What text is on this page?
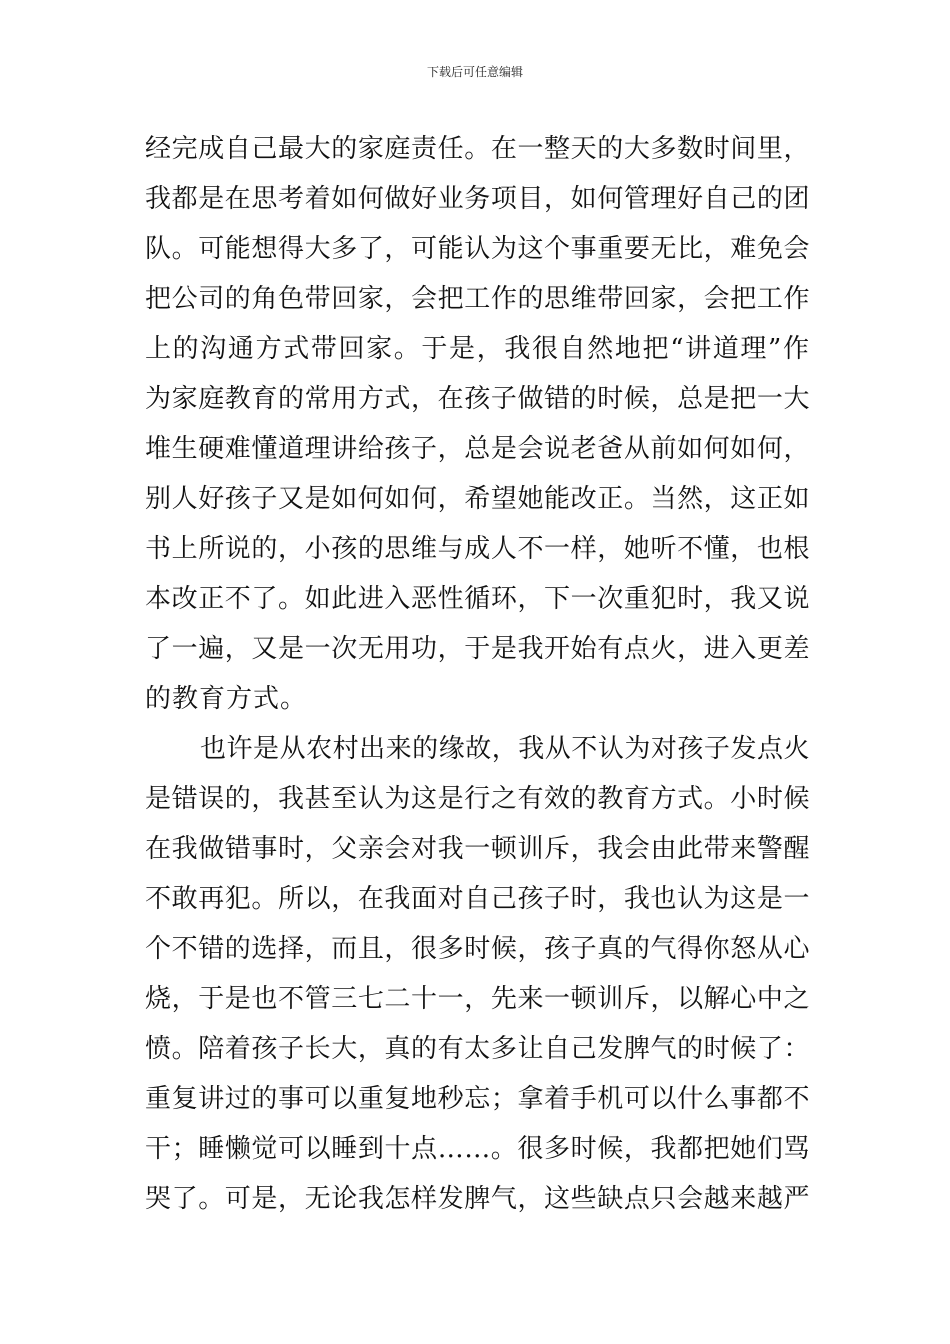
下载后可任意编辑
经完成自己最大的家庭责任。在一整天的大多数时间里，
我都是在思考着如何做好业务项目，如何管理好自己的团
队。可能想得大多了，可能认为这个事重要无比，难免会
把公司的角色带回家，会把工作的思维带回家，会把工作
上的沟通方式带回家。于是，我很自然地把“讲道理”作
为家庭教育的常用方式，在孩子做错的时候，总是把一大
堆生硬难懂道理讲给孩子，总是会说老爸从前如何如何，
别人好孩子又是如何如何，希望她能改正。当然，这正如
书上所说的，小孩的思维与成人不一样，她听不懂，也根
本改正不了。如此进入恶性循环，下一次重犯时，我又说
了一遍，又是一次无用功，于是我开始有点火，进入更差
的教育方式。
也许是从农村出来的缘故，我从不认为对孩子发点火
是错误的，我甚至认为这是行之有效的教育方式。小时候
在我做错事时，父亲会对我一顿训斥，我会由此带来警醒
不敢再犯。所以，在我面对自己孩子时，我也认为这是一
个不错的选择，而且，很多时候，孩子真的气得你怒从心
烧，于是也不管三七二十一，先来一顿训斥，以解心中之
愤。陪着孩子长大，真的有太多让自己发脾气的时候了：
重复讲过的事可以重复地秒忘；拿着手机可以什么事都不
干；睡懒觉可以睡到十点……。很多时候，我都把她们骂
哭了。可是，无论我怎样发脾气，这些缺点只会越来越严
